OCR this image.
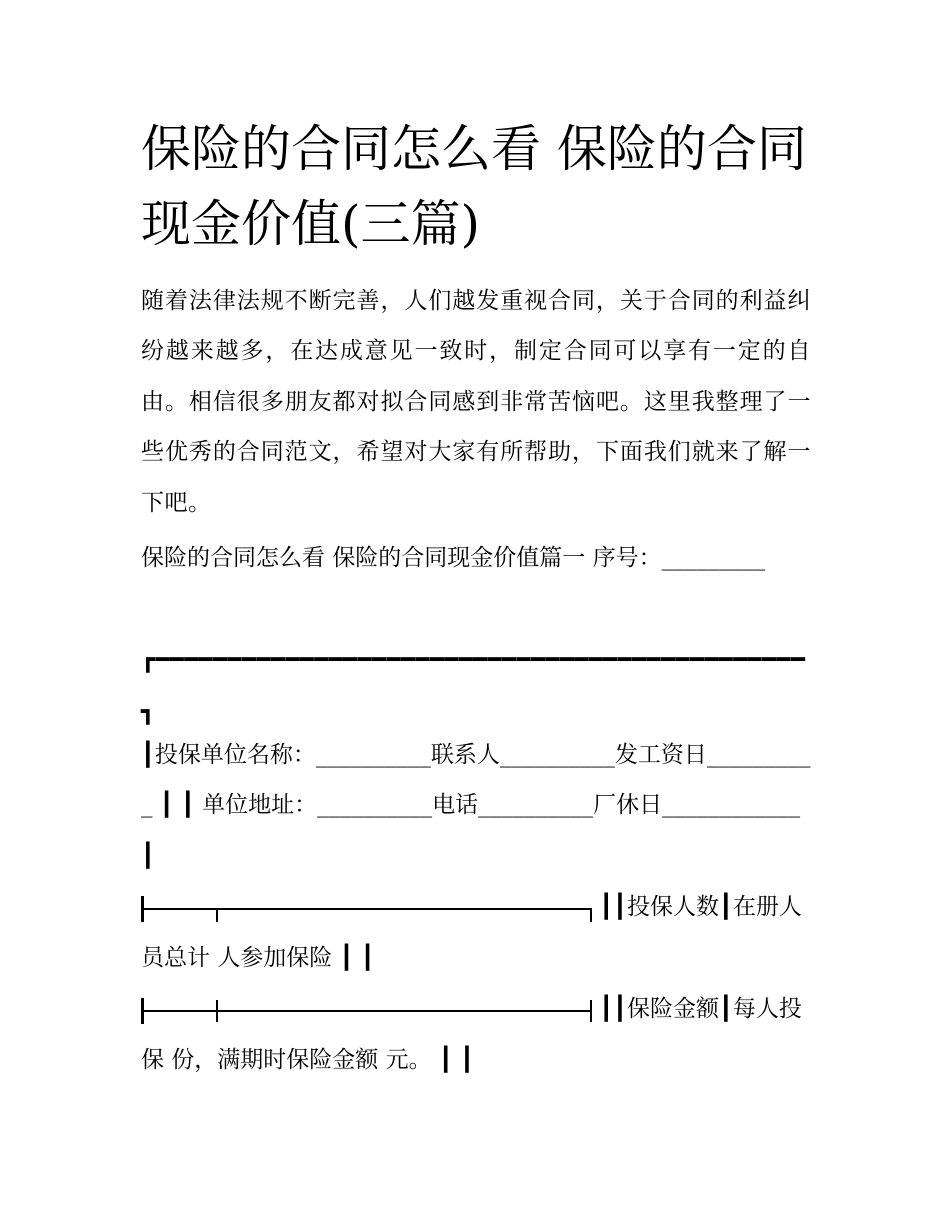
保险的合同怎么看 保险的合同现金价值(三篇)

随着法律法规不断完善，人们越发重视合同，关于合同的利益纠纷越来越多，在达成意见一致时，制定合同可以享有一定的自由。相信很多朋友都对拟合同感到非常苦恼吧。这里我整理了一些优秀的合同范文，希望对大家有所帮助，下面我们就来了解一下吧。

保险的合同怎么看 保险的合同现金价值篇一 序号：_________

┏━━━━━━━━━━━━━━━━━━━━━━━━━━━━━━━━━━━━━━━━━━━━━┓

┃投保单位名称：__________联系人__________发工资日__________ ┃ ┃ 单位地址：__________电话__________厂休日____________ ┃

┃┃投保人数┃在册人员总计 人参加保险 ┃ ┃
┃┃保险金额┃每人投保 份，满期时保险金额 元。 ┃ ┃
